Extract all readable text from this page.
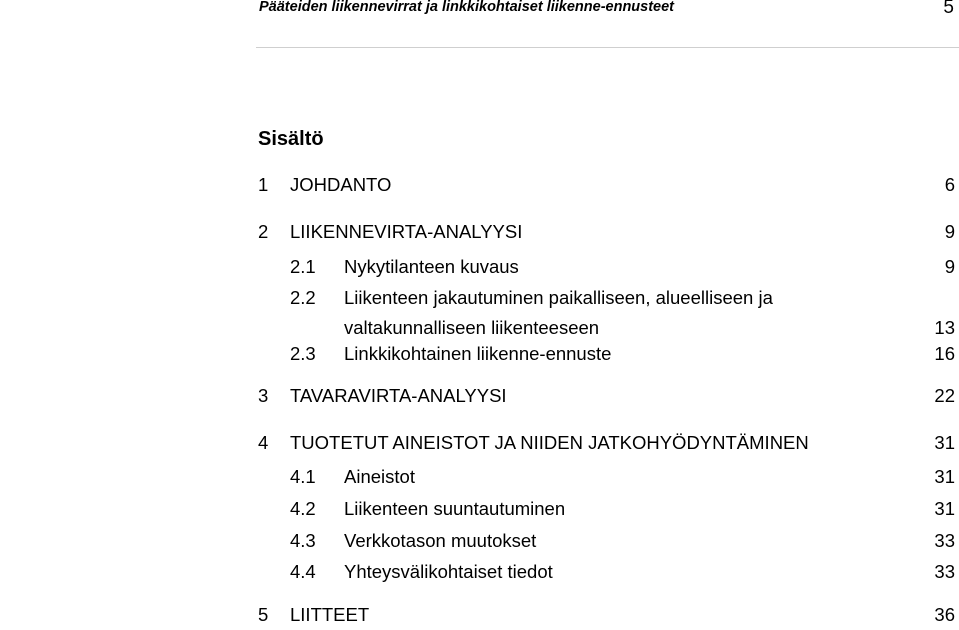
Pääteiden liikennevirrat ja linkkikohtaiset liikenne-ennusteet	5
Sisältö
1 JOHDANTO	6
2 LIIKENNEVIRTA-ANALYYSI	9
2.1 Nykytilanteen kuvaus	9
2.2 Liikenteen jakautuminen paikalliseen, alueelliseen ja
valtakunnalliseen liikenteeseen	13
2.3 Linkkikohtainen liikenne-ennuste	16
3 TAVARAVIRTA-ANALYYSI	22
4 TUOTETUT AINEISTOT JA NIIDEN JATKOHYÖDYNTÄMINEN	31
4.1 Aineistot	31
4.2 Liikenteen suuntautuminen	31
4.3 Verkkotason muutokset	33
4.4 Yhteysvälikohtaiset tiedot	33
5 LIITTEET	36
